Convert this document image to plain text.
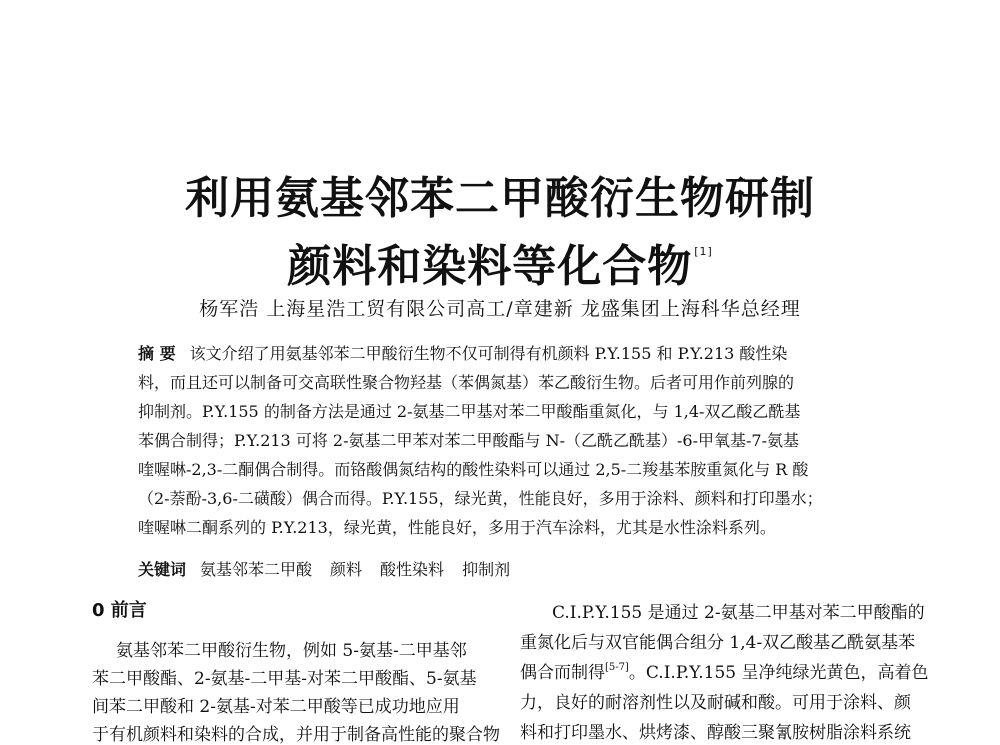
利用氨基邻苯二甲酸衍生物研制
颜料和染料等化合物 [1]
杨军浩 上海星浩工贸有限公司高工/章建新 龙盛集团上海科华总经理
摘 要 该文介绍了用氨基邻苯二甲酸衍生物不仅可制得有机颜料 P.Y.155 和 P.Y.213 酸性染
料，而且还可以制备可交高联性聚合物羟基（苯偶氮基）苯乙酸衍生物。后者可用作前列腺的
抑制剂。P.Y.155 的制备方法是通过 2-氨基二甲基对苯二甲酸酯重氮化，与 1,4-双乙酸乙酰基
苯偶合制得；P.Y.213 可将 2-氨基二甲苯对苯二甲酸酯与 N-（乙酰乙酰基）-6-甲氧基-7-氨基
喹喔啉-2,3-二酮偶合制得。而铬酸偶氮结构的酸性染料可以通过 2,5-二羧基苯胺重氮化与 R 酸
（2-萘酚-3,6-二磺酸）偶合而得。P.Y.155，绿光黄，性能良好，多用于涂料、颜料和打印墨水；
喹喔啉二酮系列的 P.Y.213，绿光黄，性能良好，多用于汽车涂料，尤其是水性涂料系列。
关键词 氨基邻苯二甲酸 颜料 酸性染料 抑制剂
0 前言
氨基邻苯二甲酸衍生物，例如 5-氨基-二甲基邻
苯二甲酸酯、2-氨基-二甲基-对苯二甲酸酯、5-氨基
间苯二甲酸和 2-氨基-对苯二甲酸等已成功地应用
于有机颜料和染料的合成，并用于制备高性能的聚合物
C.I.P.Y.155 是通过 2-氨基二甲基对苯二甲酸酯的
重氮化后与双官能偶合组分 1,4-双乙酸基乙酰氨基苯
偶合而制得[5-7]。C.I.P.Y.155 呈净纯绿光黄色，高着色
力，良好的耐溶剂性以及耐碱和酸。可用于涂料、颜
料和打印墨水、烘烤漆、醇酸三聚氰胺树脂涂料系统
